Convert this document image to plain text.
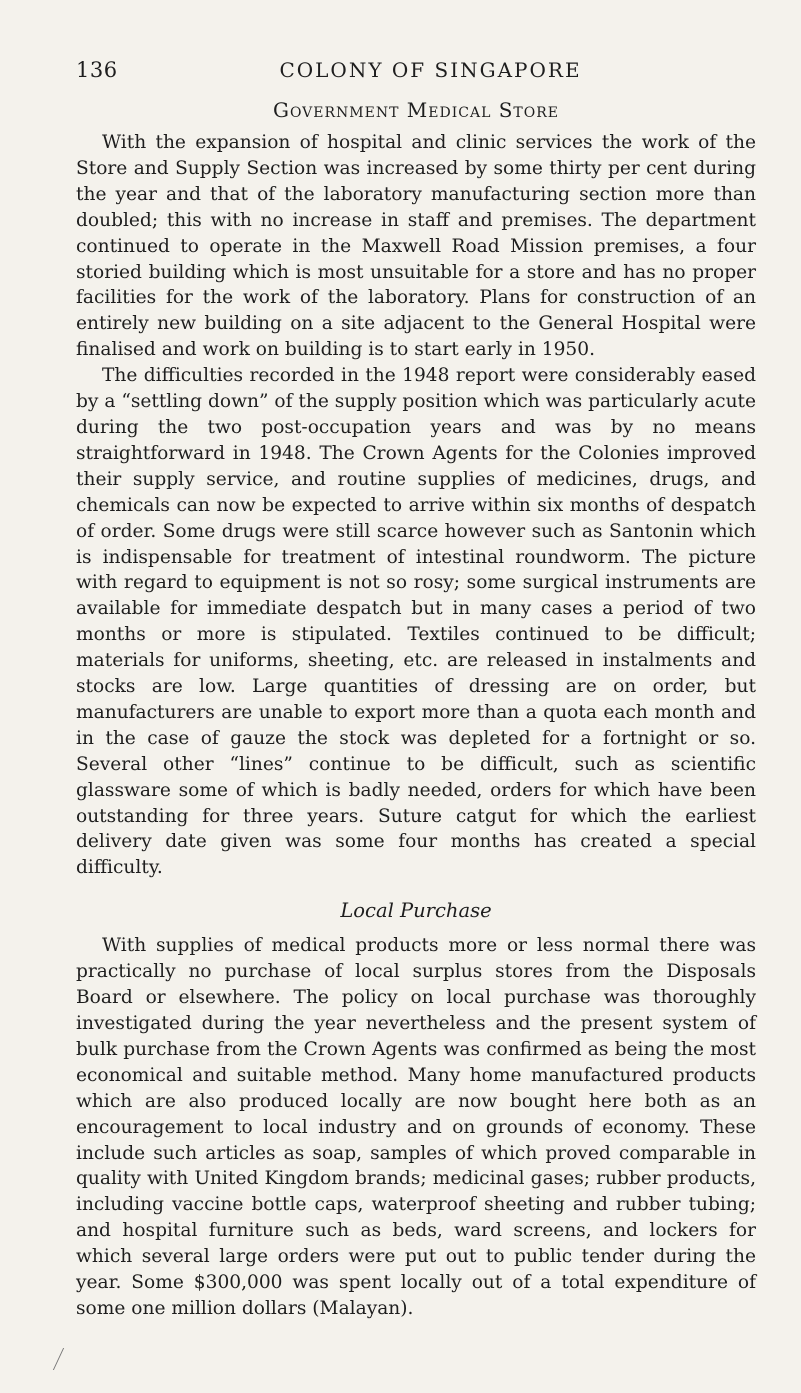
136	COLONY OF SINGAPORE
Government Medical Store

With the expansion of hospital and clinic services the work of the Store and Supply Section was increased by some thirty per cent during the year and that of the laboratory manufacturing section more than doubled; this with no increase in staff and premises. The department continued to operate in the Maxwell Road Mission premises, a four storied building which is most unsuitable for a store and has no proper facilities for the work of the laboratory. Plans for construction of an entirely new building on a site adjacent to the General Hospital were finalised and work on building is to start early in 1950.

The difficulties recorded in the 1948 report were considerably eased by a “settling down” of the supply position which was particularly acute during the two post-occupation years and was by no means straightforward in 1948. The Crown Agents for the Colonies improved their supply service, and routine supplies of medicines, drugs, and chemicals can now be expected to arrive within six months of despatch of order. Some drugs were still scarce however such as Santonin which is indispensable for treatment of intestinal roundworm. The picture with regard to equipment is not so rosy; some surgical instruments are available for immediate despatch but in many cases a period of two months or more is stipulated. Textiles continued to be difficult; materials for uniforms, sheeting, etc. are released in instalments and stocks are low. Large quantities of dressing are on order, but manufacturers are unable to export more than a quota each month and in the case of gauze the stock was depleted for a fortnight or so. Several other “lines” continue to be difficult, such as scientific glassware some of which is badly needed, orders for which have been outstanding for three years. Suture catgut for which the earliest delivery date given was some four months has created a special difficulty.

Local Purchase

With supplies of medical products more or less normal there was practically no purchase of local surplus stores from the Disposals Board or elsewhere. The policy on local purchase was thoroughly investigated during the year nevertheless and the present system of bulk purchase from the Crown Agents was confirmed as being the most economical and suitable method. Many home manufactured products which are also produced locally are now bought here both as an encouragement to local industry and on grounds of economy. These include such articles as soap, samples of which proved comparable in quality with United Kingdom brands; medicinal gases; rubber products, including vaccine bottle caps, waterproof sheeting and rubber tubing; and hospital furniture such as beds, ward screens, and lockers for which several large orders were put out to public tender during the year. Some $300,000 was spent locally out of a total expenditure of some one million dollars (Malayan).
